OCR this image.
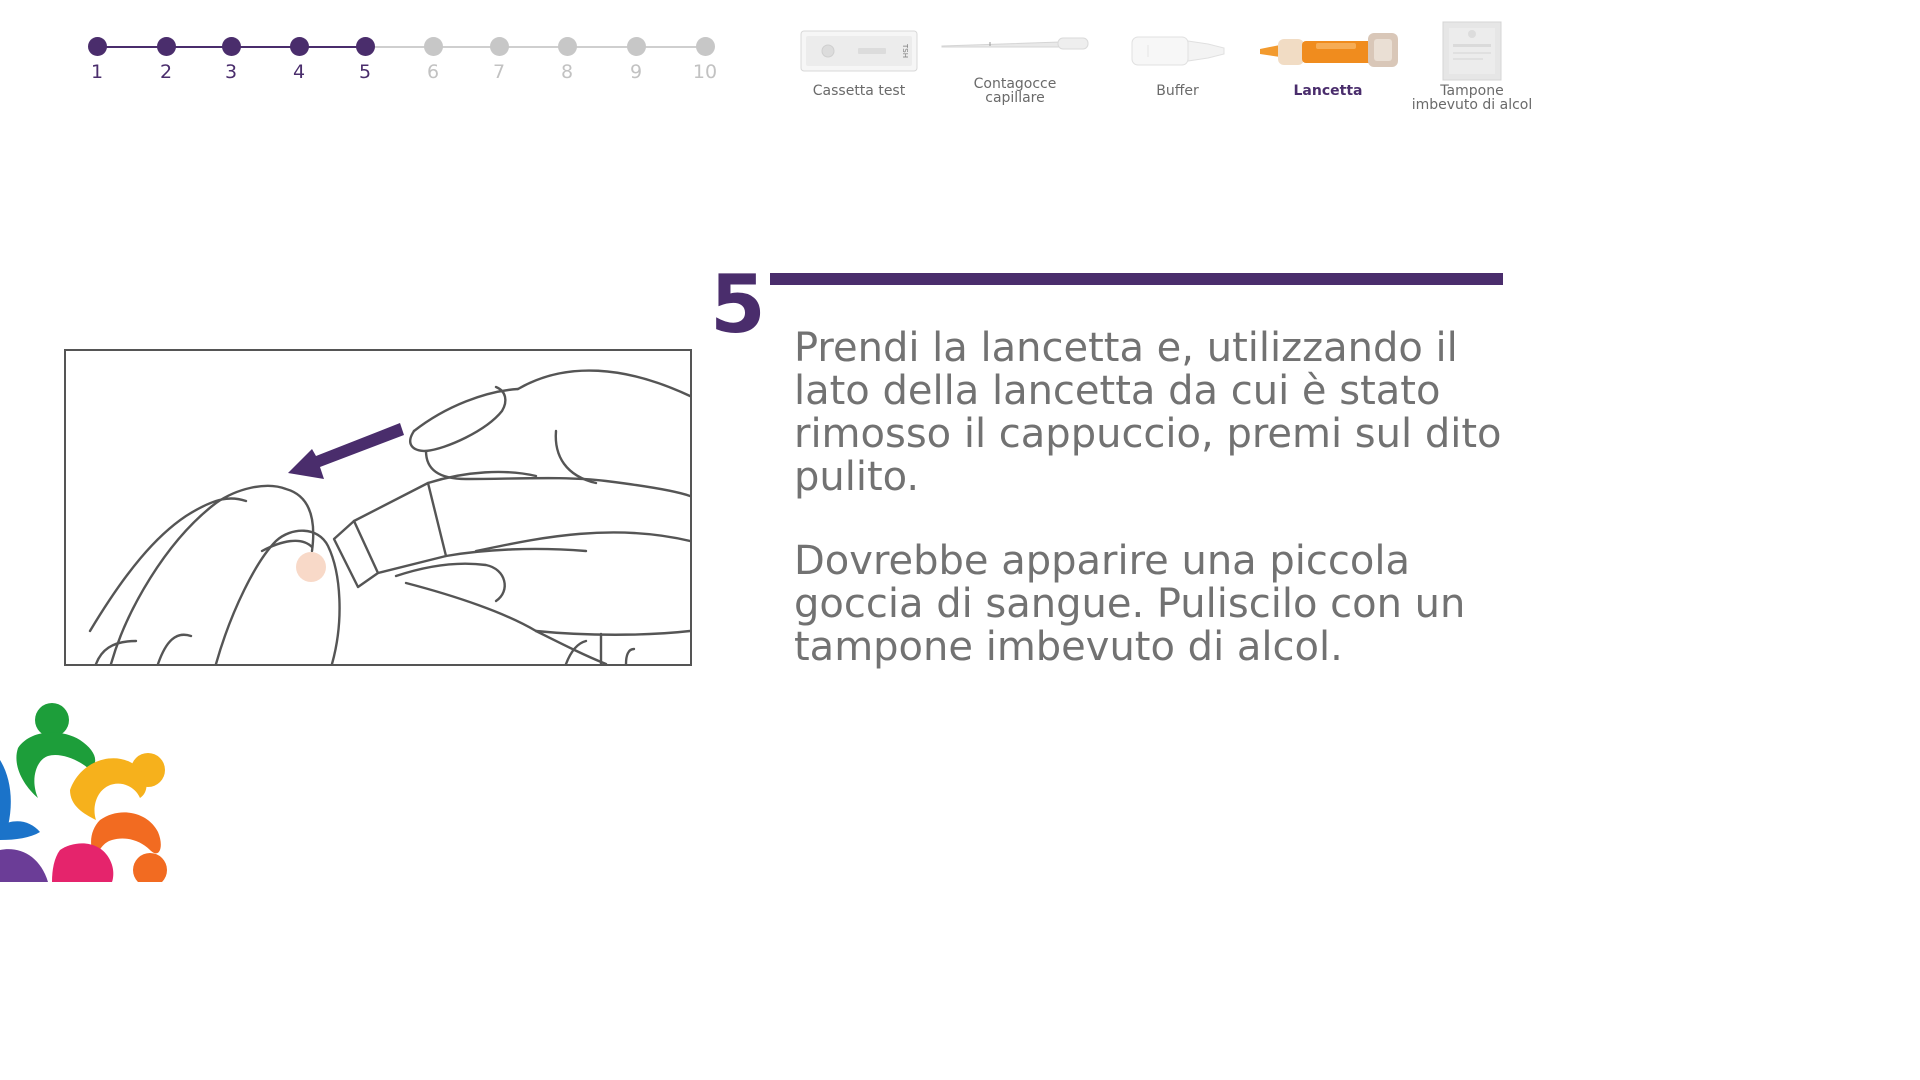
1	2	3	4	5	6	7	8	9	10
TSH
Cassetta test	Contagocce
capillare	Buffer	Lancetta	Tampone
imbevuto di alcol
5 Prendi la lancetta e, utilizzando il lato della lancetta da cui è stato rimosso il cappuccio, premi sul dito pulito.

Dovrebbe apparire una piccola goccia di sangue. Puliscilo con un tampone imbevuto di alcol.
